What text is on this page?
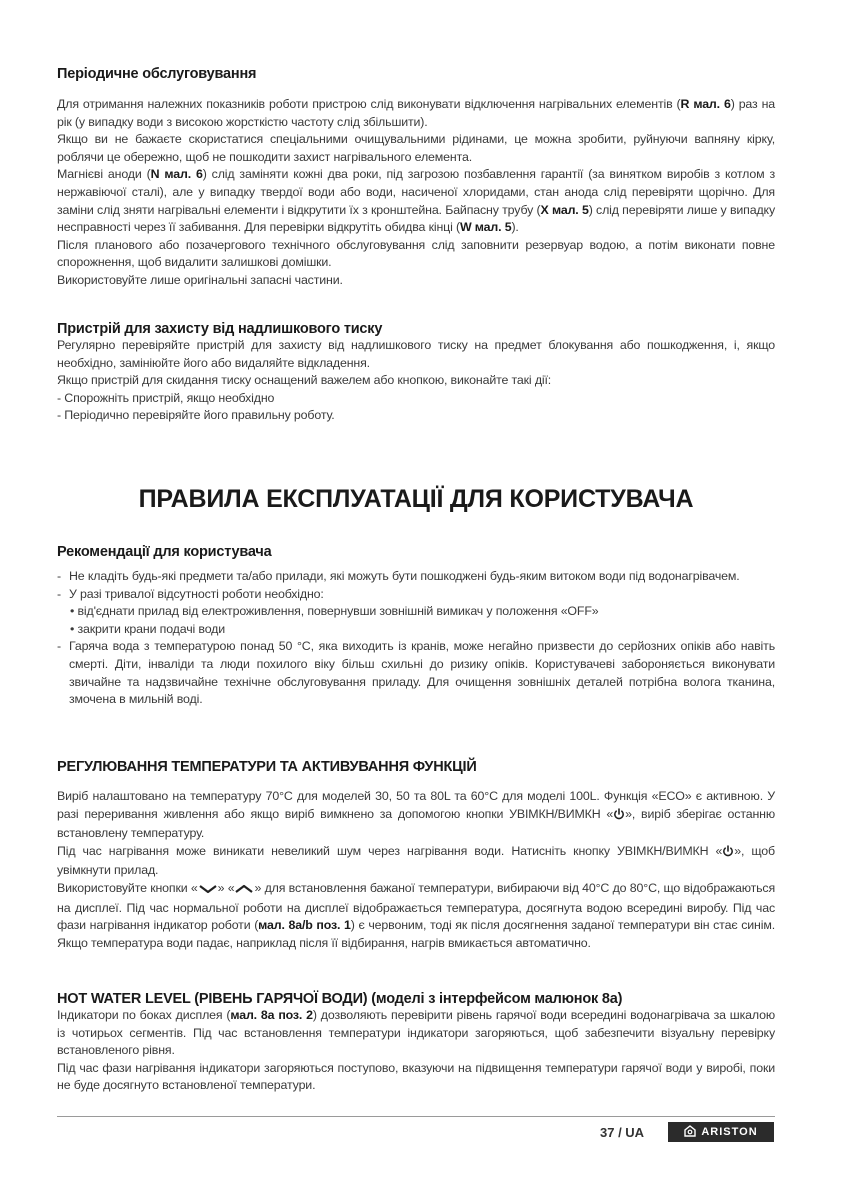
Періодичне обслуговування

Для отримання належних показників роботи пристрою слід виконувати відключення нагрівальних елементів (R мал. 6) раз на рік (у випадку води з високою жорсткістю частоту слід збільшити).

Якщо ви не бажаєте скористатися спеціальними очищувальними рідинами, це можна зробити, руйнуючи вапняну кірку, роблячи це обережно, щоб не пошкодити захист нагрівального елемента.

Магнієві аноди (N мал. 6) слід заміняти кожні два роки, під загрозою позбавлення гарантії (за винятком виробів з котлом з нержавіючої сталі), але у випадку твердої води або води, насиченої хлоридами, стан анода слід перевіряти щорічно. Для заміни слід зняти нагрівальні елементи і відкрутити їх з кронштейна. Байпасну трубу (X мал. 5) слід перевіряти лише у випадку несправності через її забивання. Для перевірки відкрутіть обидва кінці (W мал. 5).

Після планового або позачергового технічного обслуговування слід заповнити резервуар водою, а потім виконати повне спорожнення, щоб видалити залишкові домішки.

Використовуйте лише оригінальні запасні частини.

Пристрій для захисту від надлишкового тиску

Регулярно перевіряйте пристрій для захисту від надлишкового тиску на предмет блокування або пошкодження, і, якщо необхідно, замініюйте його або видаляйте відкладення.

Якщо пристрій для скидання тиску оснащений важелем або кнопкою, виконайте такі дії:

- Спорожніть пристрій, якщо необхідно

- Періодично перевіряйте його правильну роботу.

ПРАВИЛА ЕКСПЛУАТАЦІЇ ДЛЯ КОРИСТУВАЧА
Рекомендації для користувача
- Не кладіть будь-які предмети та/або прилади, які можуть бути пошкоджені будь-яким витоком води під водонагрівачем.
- У разі тривалої відсутності роботи необхідно:
• від'єднати прилад від електроживлення, повернувши зовнішній вимикач у положення «OFF»
• закрити крани подачі води
- Гаряча вода з температурою понад 50 °C, яка виходить із кранів, може негайно призвести до серйозних опіків або навіть смерті. Діти, інваліди та люди похилого віку більш схильні до ризику опіків. Користувачеві забороняється виконувати звичайне та надзвичайне технічне обслуговування приладу. Для очищення зовнішніх деталей потрібна волога тканина, змочена в мильній воді.
РЕГУЛЮВАННЯ ТЕМПЕРАТУРИ ТА АКТИВУВАННЯ ФУНКЦІЙ

Виріб налаштовано на температуру 70°C для моделей 30, 50 та 80L та 60°C для моделі 100L. Функція «ECO» є активною. У разі переривання живлення або якщо виріб вимкнено за допомогою кнопки УВІМКН/ВИМКН « », виріб зберігає останню встановлену температуру.

Під час нагрівання може виникати невеликий шум через нагрівання води. Натисніть кнопку УВІМКН/ВИМКН « », щоб увімкнути прилад.

Використовуйте кнопки « » « » для встановлення бажаної температури, вибираючи від 40°C до 80°C, що відображаються на дисплеї. Під час нормальної роботи на дисплеї відображається температура, досягнута водою всередині виробу. Під час фази нагрівання індикатор роботи (мал. 8a/b поз. 1) є червоним, тоді як після досягнення заданої температури він стає синім. Якщо температура води падає, наприклад після її відбирання, нагрів вмикається автоматично.

HOT WATER LEVEL (РІВЕНЬ ГАРЯЧОЇ ВОДИ) (моделі з інтерфейсом малюнок 8a)

Індикатори по боках дисплея (мал. 8a поз. 2) дозволяють перевірити рівень гарячої води всередині водонагрівача за шкалою із чотирьох сегментів. Під час встановлення температури індикатори загоряються, щоб забезпечити візуальну перевірку встановленого рівня.

Під час фази нагрівання індикатори загоряються поступово, вказуючи на підвищення температури гарячої води у виробі, поки не буде досягнуто встановленої температури.

37 / UA	ARISTON
